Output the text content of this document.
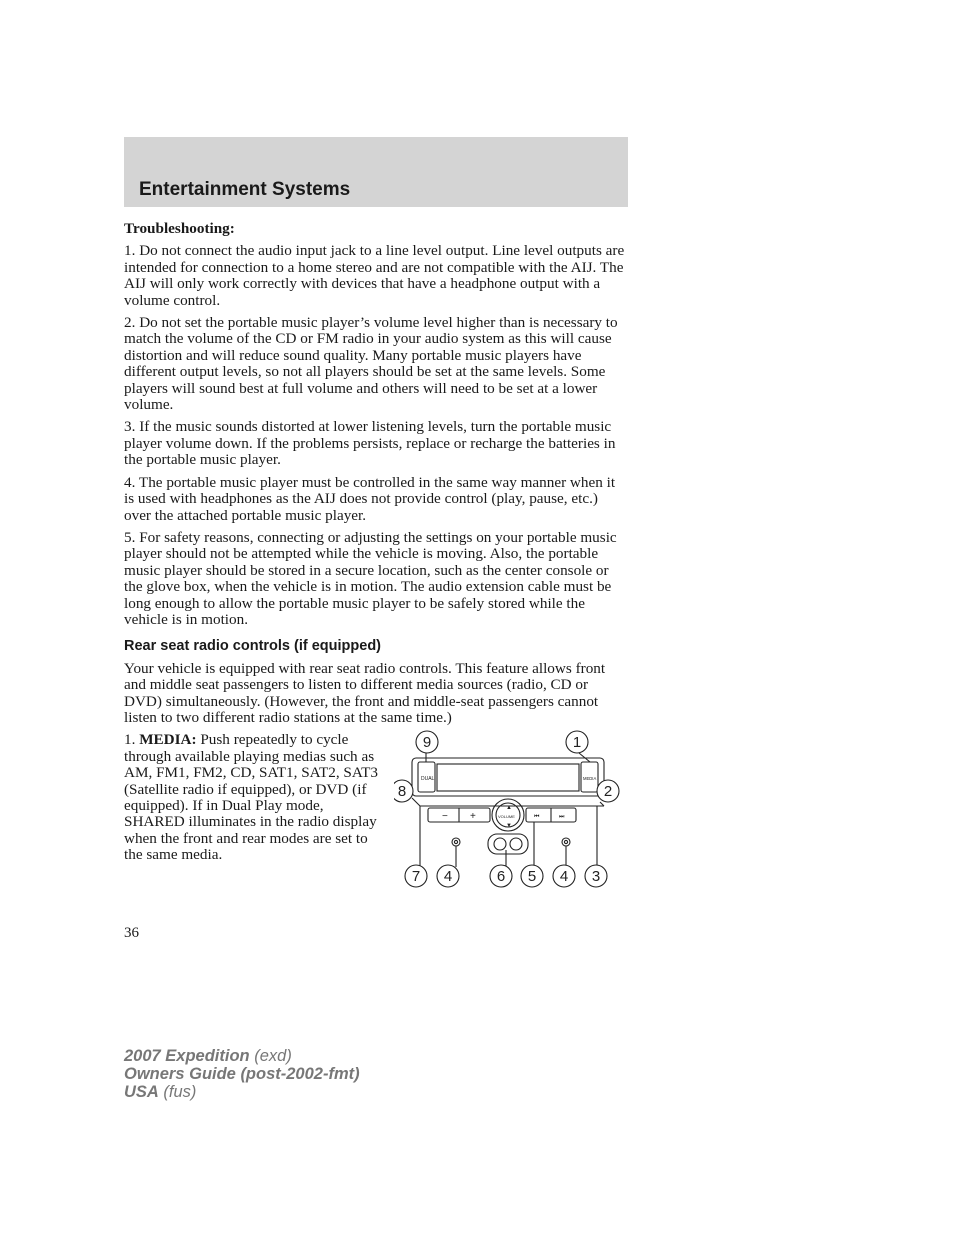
Entertainment Systems

Troubleshooting:

1. Do not connect the audio input jack to a line level output. Line level outputs are intended for connection to a home stereo and are not compatible with the AIJ. The AIJ will only work correctly with devices that have a headphone output with a volume control.

2. Do not set the portable music player’s volume level higher than is necessary to match the volume of the CD or FM radio in your audio system as this will cause distortion and will reduce sound quality. Many portable music players have different output levels, so not all players should be set at the same levels. Some players will sound best at full volume and others will need to be set at a lower volume.

3. If the music sounds distorted at lower listening levels, turn the portable music player volume down. If the problems persists, replace or recharge the batteries in the portable music player.

4. The portable music player must be controlled in the same way manner when it is used with headphones as the AIJ does not provide control (play, pause, etc.) over the attached portable music player.

5. For safety reasons, connecting or adjusting the settings on your portable music player should not be attempted while the vehicle is moving. Also, the portable music player should be stored in a secure location, such as the center console or the glove box, when the vehicle is in motion. The audio extension cable must be long enough to allow the portable music player to be safely stored while the vehicle is in motion.

Rear seat radio controls (if equipped)

Your vehicle is equipped with rear seat radio controls. This feature allows front and middle seat passengers to listen to different media sources (radio, CD or DVD) simultaneously. (However, the front and middle-seat passengers cannot listen to two different radio stations at the same time.)

1. MEDIA: Push repeatedly to cycle through available playing medias such as AM, FM1, FM2, CD, SAT1, SAT2, SAT3 (Satellite radio if equipped), or DVD (if equipped). If in Dual Play mode, SHARED illuminates in the radio display when the front and rear modes are set to the same media.

DUAL	MEDIA
− +	VOLUME
▲
▼
⏮	⏭
9	1
8	2
7 4	6 5 4 3
36
2007 Expedition (exd)
Owners Guide (post-2002-fmt)
USA (fus)
